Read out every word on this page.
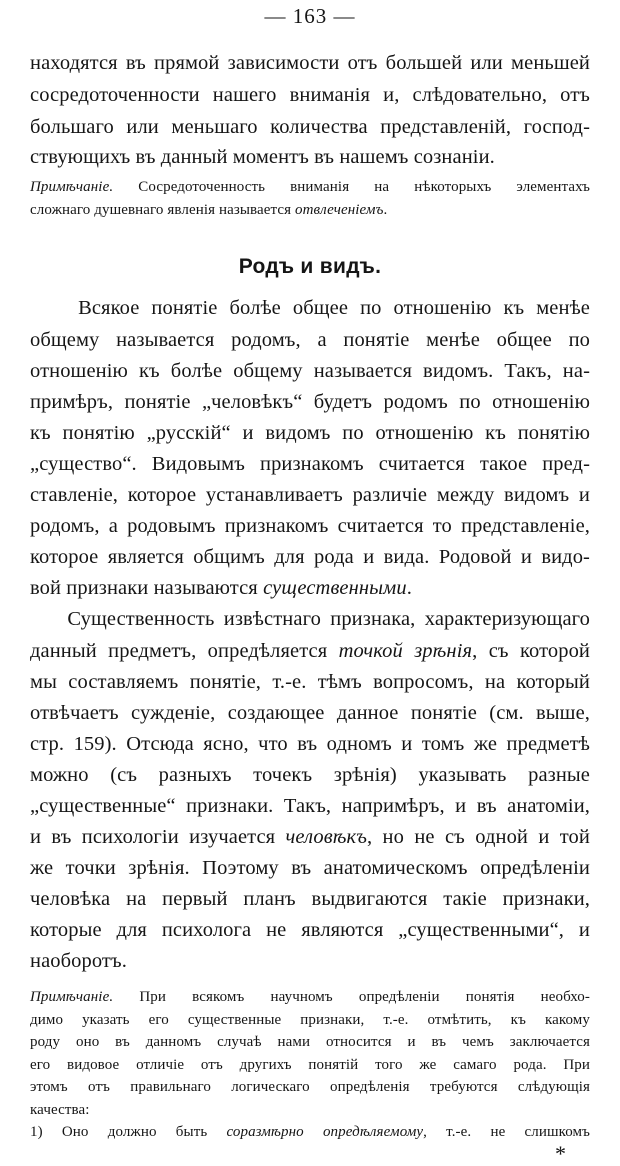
— 163 —
находятся въ прямой зависимости отъ большей или меньшей
сосредоточенности нашего вниманія и, слѣдовательно, отъ
большаго или меньшаго количества представленій, господ-
ствующихъ въ данный моментъ въ нашемъ сознаніи.
Примѣчаніе. Сосредоточенность вниманія на нѣкоторыхъ элементахъ
сложнаго душевнаго явленія называется отвлеченіемъ.
Родъ и видъ.
Всякое понятіе болѣе общее по отношенію къ менѣе
общему называется родомъ, а понятіе менѣе общее по
отношенію къ болѣе общему называется видомъ. Такъ, на-
примѣръ, понятіе „человѣкъ“ будетъ родомъ по отношенію
къ понятію „русскій“ и видомъ по отношенію къ понятію
„существо“. Видовымъ признакомъ считается такое пред-
ставленіе, которое устанавливаетъ различіе между видомъ и
родомъ, а родовымъ признакомъ считается то представленіе,
которое является общимъ для рода и вида. Родовой и видо-
вой признаки называются существенными.
Существенность извѣстнаго признака, характеризующаго
данный предметъ, опредѣляется точкой зрѣнія, съ которой
мы составляемъ понятіе, т.-е. тѣмъ вопросомъ, на который
отвѣчаетъ сужденіе, создающее данное понятіе (см. выше,
стр. 159). Отсюда ясно, что въ одномъ и томъ же предметѣ
можно (съ разныхъ точекъ зрѣнія) указывать разные
„существенные“ признаки. Такъ, напримѣръ, и въ анатоміи,
и въ психологіи изучается человѣкъ, но не съ одной и той
же точки зрѣнія. Поэтому въ анатомическомъ опредѣленіи
человѣка на первый планъ выдвигаются такіе признаки,
которые для психолога не являются „существенными“, и
наоборотъ.
Примѣчаніе. При всякомъ научномъ опредѣленіи понятія необхо-
димо указать его существенные признаки, т.-е. отмѣтить, къ какому
роду оно въ данномъ случаѣ нами относится и въ чемъ заключается
его видовое отличіе отъ другихъ понятій того же самаго рода. При
этомъ отъ правильнаго логическаго опредѣленія требуются слѣдующія
качества:
1) Оно должно быть соразмѣрно опредѣляемому, т.-е. не слишкомъ
*
